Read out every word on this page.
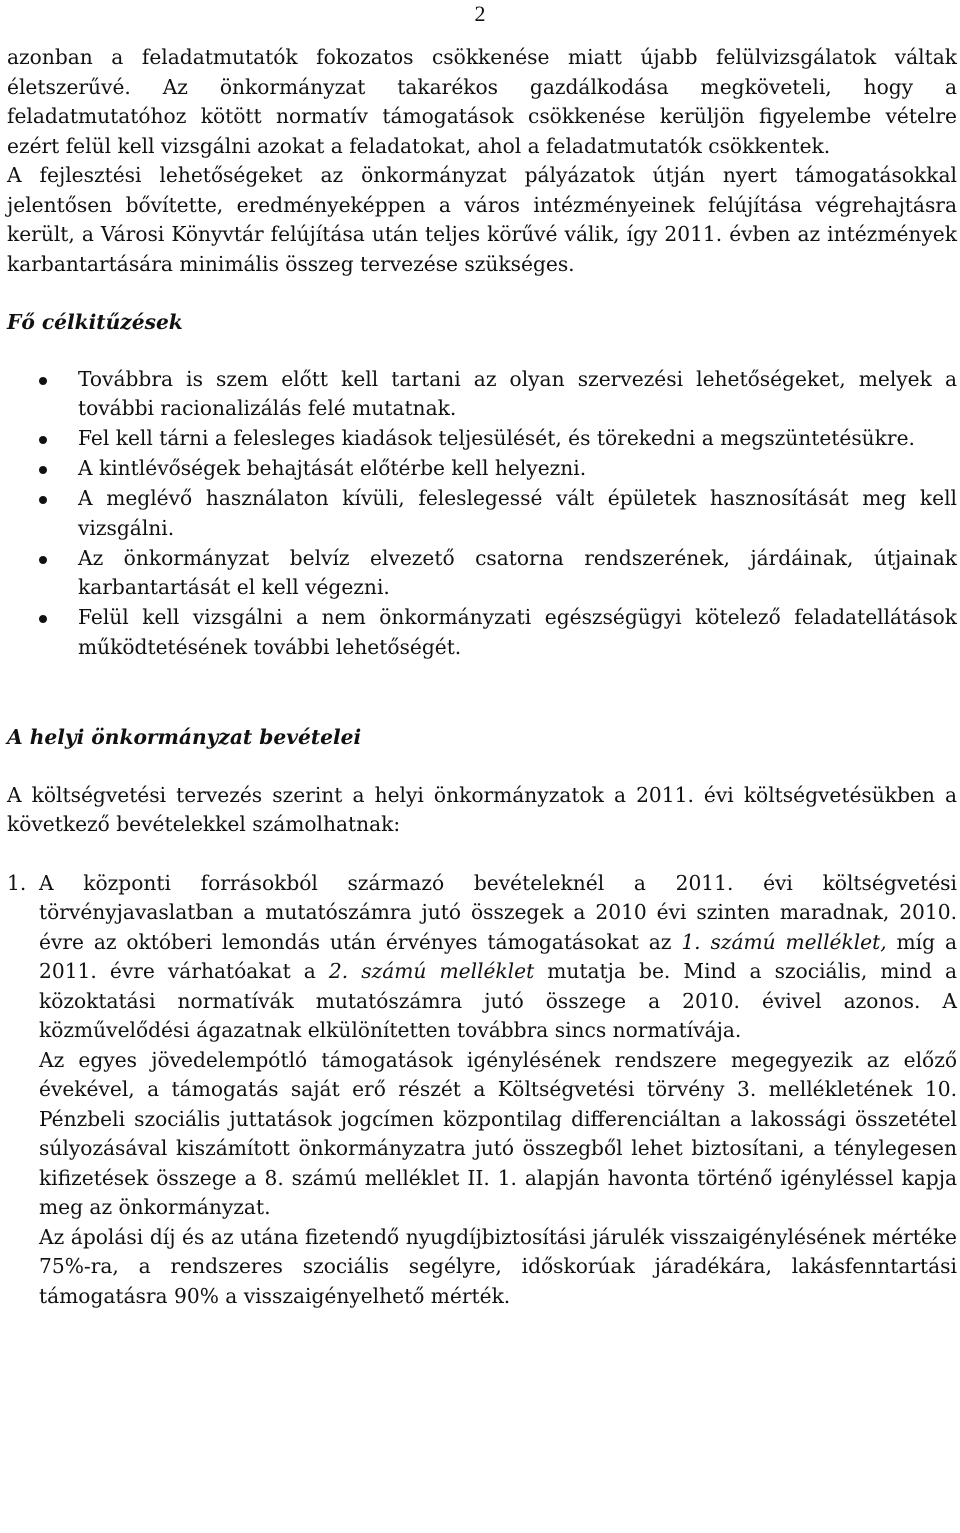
2

azonban a feladatmutatók fokozatos csökkenése miatt újabb felülvizsgálatok váltak életszerűvé. Az önkormányzat takarékos gazdálkodása megköveteli, hogy a feladatmutatóhoz kötött normatív támogatások csökkenése kerüljön figyelembe vételre ezért felül kell vizsgálni azokat a feladatokat, ahol a feladatmutatók csökkentek.

A fejlesztési lehetőségeket az önkormányzat pályázatok útján nyert támogatásokkal jelentősen bővítette, eredményeképpen a város intézményeinek felújítása végrehajtásra került, a Városi Könyvtár felújítása után teljes körűvé válik, így 2011. évben az intézmények karbantartására minimális összeg tervezése szükséges.

Fő célkitűzések

Továbbra is szem előtt kell tartani az olyan szervezési lehetőségeket, melyek a további racionalizálás felé mutatnak.
Fel kell tárni a felesleges kiadások teljesülését, és törekedni a megszüntetésükre.
A kintlévőségek behajtását előtérbe kell helyezni.
A meglévő használaton kívüli, feleslegessé vált épületek hasznosítását meg kell vizsgálni.
Az önkormányzat belvíz elvezető csatorna rendszerének, járdáinak, útjainak karbantartását el kell végezni.
Felül kell vizsgálni a nem önkormányzati egészségügyi kötelező feladatellátások működtetésének további lehetőségét.

A helyi önkormányzat bevételei

A költségvetési tervezés szerint a helyi önkormányzatok a 2011. évi költségvetésükben a következő bevételekkel számolhatnak:

1. A központi forrásokból származó bevételeknél a 2011. évi költségvetési törvényjavaslatban a mutatószámra jutó összegek a 2010 évi szinten maradnak, 2010. évre az októberi lemondás után érvényes támogatásokat az 1. számú melléklet, míg a 2011. évre várhatóakat a 2. számú melléklet mutatja be. Mind a szociális, mind a közoktatási normatívák mutatószámra jutó összege a 2010. évivel azonos. A közművelődési ágazatnak elkülönítetten továbbra sincs normatívája.

Az egyes jövedelempótló támogatások igénylésének rendszere megegyezik az előző évekével, a támogatás saját erő részét a Költségvetési törvény 3. mellékletének 10. Pénzbeli szociális juttatások jogcímen központilag differenciáltan a lakossági összetétel súlyozásával kiszámított önkormányzatra jutó összegből lehet biztosítani, a ténylegesen kifizetések összege a 8. számú melléklet II. 1. alapján havonta történő igényléssel kapja meg az önkormányzat.

Az ápolási díj és az utána fizetendő nyugdíjbiztosítási járulék visszaigénylésének mértéke 75%-ra, a rendszeres szociális segélyre, időskorúak járadékára, lakásfenntartási támogatásra 90% a visszaigényelhető mérték.
